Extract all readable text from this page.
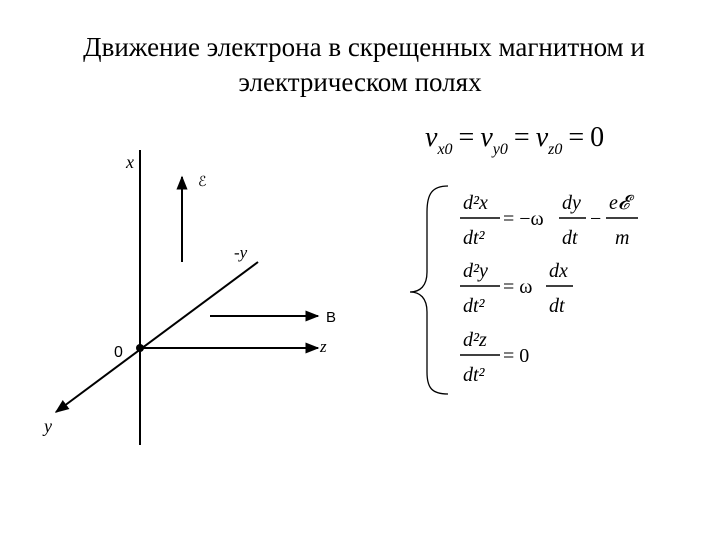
Движение электрона в скрещенных магнитном и
электрическом полях
ℰ
x
y
z
-y
0
B
$v_{x0} = v_{y0} = v_{z0} = 0$
d²x
dt²
= −ω
dy
dt
−
e𝓔
m
d²y
dt²
= ω
dx
dt
d²z
dt²
= 0
